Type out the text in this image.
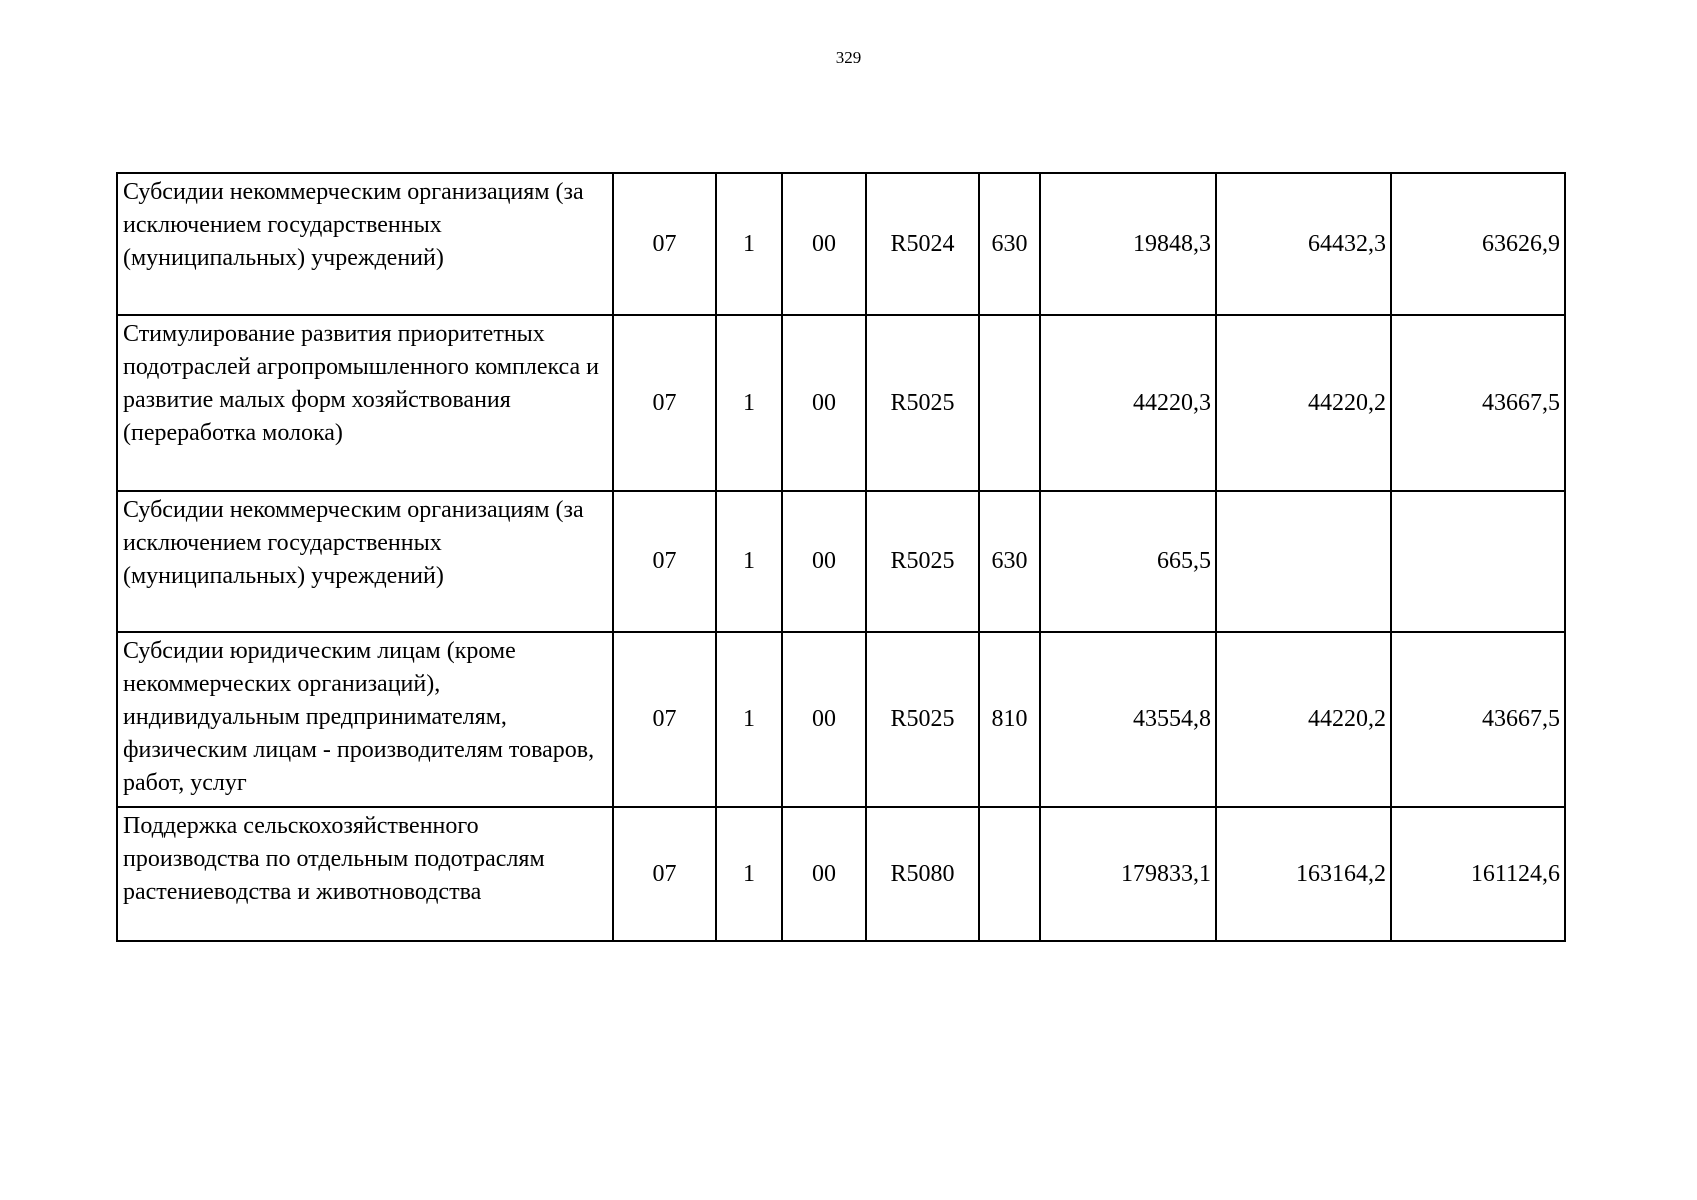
329
Субсидии некоммерческим организациям (за исключением государственных (муниципальных) учреждений)	07	1	00	R5024	630	19848,3	64432,3	63626,9
Стимулирование развития приоритетных подотраслей агропромышленного комплекса и развитие малых форм хозяйствования (переработка молока)	07	1	00	R5025		44220,3	44220,2	43667,5
Субсидии некоммерческим организациям (за исключением государственных (муниципальных) учреждений)	07	1	00	R5025	630	665,5		
Субсидии юридическим лицам (кроме некоммерческих организаций), индивидуальным предпринимателям, физическим лицам - производителям товаров, работ, услуг	07	1	00	R5025	810	43554,8	44220,2	43667,5
Поддержка сельскохозяйственного производства по отдельным подотраслям растениеводства и животноводства	07	1	00	R5080		179833,1	163164,2	161124,6
